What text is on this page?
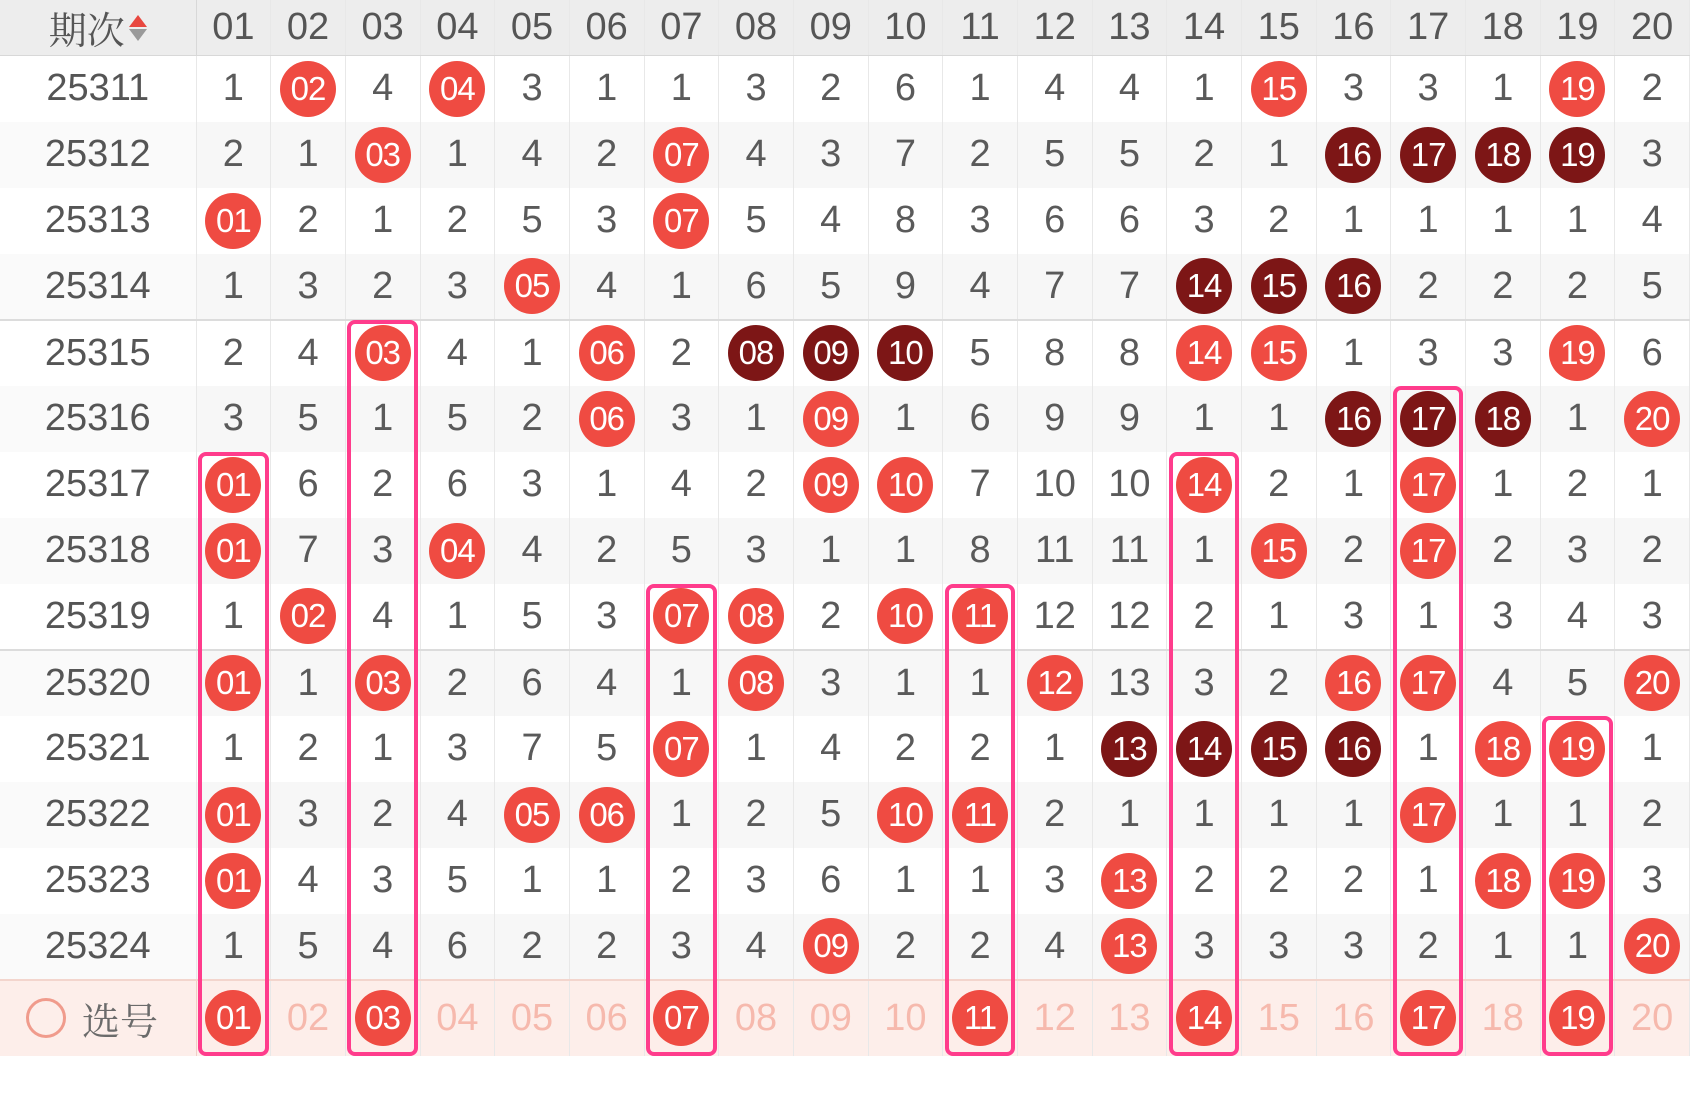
期次	01	02	03	04	05	06	07	08	09	10	11	12	13	14	15	16	17	18	19	20
25311	1	02	4	04	3	1	1	3	2	6	1	4	4	1	15	3	3	1	19	2
25312	2	1	03	1	4	2	07	4	3	7	2	5	5	2	1	16	17	18	19	3
25313	01	2	1	2	5	3	07	5	4	8	3	6	6	3	2	1	1	1	1	4
25314	1	3	2	3	05	4	1	6	5	9	4	7	7	14	15	16	2	2	2	5
25315	2	4	03	4	1	06	2	08	09	10	5	8	8	14	15	1	3	3	19	6
25316	3	5	1	5	2	06	3	1	09	1	6	9	9	1	1	16	17	18	1	20
25317	01	6	2	6	3	1	4	2	09	10	7	10	10	14	2	1	17	1	2	1
25318	01	7	3	04	4	2	5	3	1	1	8	11	11	1	15	2	17	2	3	2
25319	1	02	4	1	5	3	07	08	2	10	11	12	12	2	1	3	1	3	4	3
25320	01	1	03	2	6	4	1	08	3	1	1	12	13	3	2	16	17	4	5	20
25321	1	2	1	3	7	5	07	1	4	2	2	1	13	14	15	16	1	18	19	1
25322	01	3	2	4	05	06	1	2	5	10	11	2	1	1	1	1	17	1	1	2
25323	01	4	3	5	1	1	2	3	6	1	1	3	13	2	2	2	1	18	19	3
25324	1	5	4	6	2	2	3	4	09	2	2	4	13	3	3	3	2	1	1	20

选号	01	02	03	04	05	06	07	08	09	10	11	12	13	14	15	16	17	18	19	20
